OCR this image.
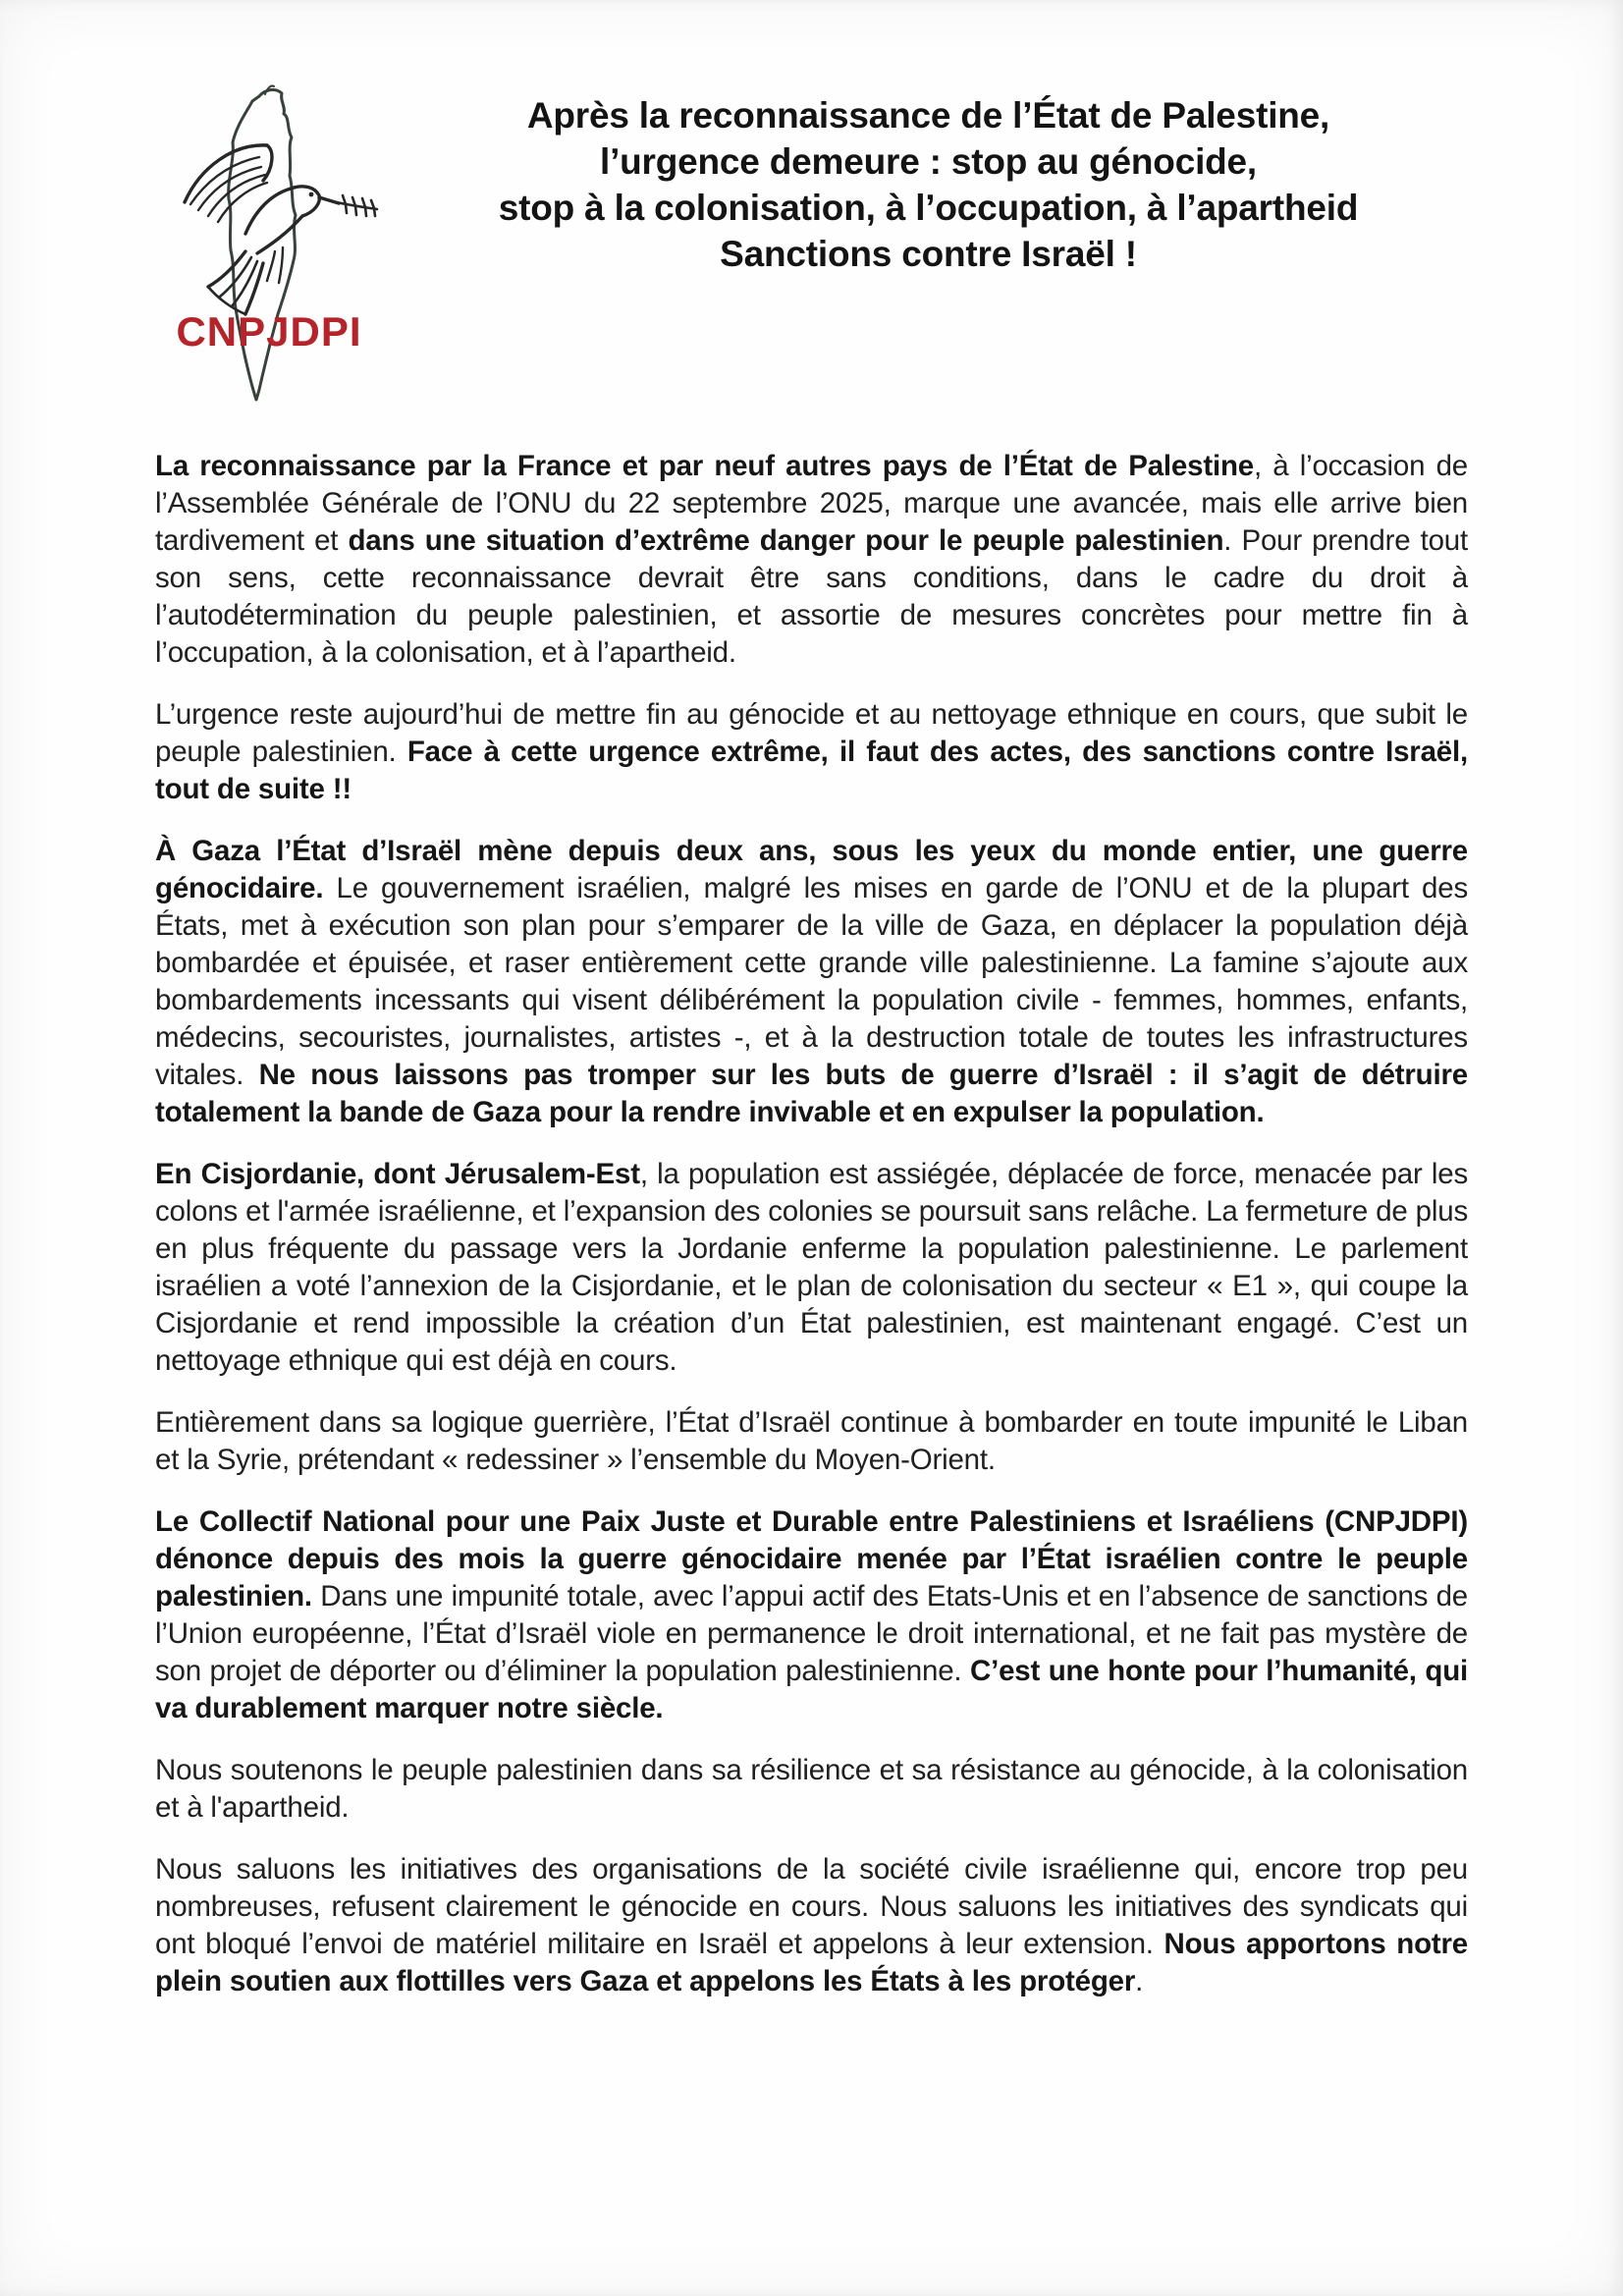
CNPJDPI
Après la reconnaissance de l’État de Palestine,
l’urgence demeure : stop au génocide,
stop à la colonisation, à l’occupation, à l’apartheid
Sanctions contre Israël !

La reconnaissance par la France et par neuf autres pays de l’État de Palestine, à l’occasion de l’Assemblée Générale de l’ONU du 22 septembre 2025, marque une avancée, mais elle arrive bien tardivement et dans une situation d’extrême danger pour le peuple palestinien. Pour prendre tout son sens, cette reconnaissance devrait être sans conditions, dans le cadre du droit à l’autodétermination du peuple palestinien, et assortie de mesures concrètes pour mettre fin à l’occupation, à la colonisation, et à l’apartheid.

L’urgence reste aujourd’hui de mettre fin au génocide et au nettoyage ethnique en cours, que subit le peuple palestinien. Face à cette urgence extrême, il faut des actes, des sanctions contre Israël, tout de suite !!

À Gaza l’État d’Israël mène depuis deux ans, sous les yeux du monde entier, une guerre génocidaire. Le gouvernement israélien, malgré les mises en garde de l’ONU et de la plupart des États, met à exécution son plan pour s’emparer de la ville de Gaza, en déplacer la population déjà bombardée et épuisée, et raser entièrement cette grande ville palestinienne. La famine s’ajoute aux bombardements incessants qui visent délibérément la population civile - femmes, hommes, enfants, médecins, secouristes, journalistes, artistes -, et à la destruction totale de toutes les infrastructures vitales. Ne nous laissons pas tromper sur les buts de guerre d’Israël : il s’agit de détruire totalement la bande de Gaza pour la rendre invivable et en expulser la population.

En Cisjordanie, dont Jérusalem-Est, la population est assiégée, déplacée de force, menacée par les colons et l'armée israélienne, et l’expansion des colonies se poursuit sans relâche. La fermeture de plus en plus fréquente du passage vers la Jordanie enferme la population palestinienne. Le parlement israélien a voté l’annexion de la Cisjordanie, et le plan de colonisation du secteur « E1 », qui coupe la Cisjordanie et rend impossible la création d’un État palestinien, est maintenant engagé. C’est un nettoyage ethnique qui est déjà en cours.

Entièrement dans sa logique guerrière, l’État d’Israël continue à bombarder en toute impunité le Liban et la Syrie, prétendant « redessiner » l’ensemble du Moyen-Orient.

Le Collectif National pour une Paix Juste et Durable entre Palestiniens et Israéliens (CNPJDPI) dénonce depuis des mois la guerre génocidaire menée par l’État israélien contre le peuple palestinien. Dans une impunité totale, avec l’appui actif des Etats-Unis et en l’absence de sanctions de l’Union européenne, l’État d’Israël viole en permanence le droit international, et ne fait pas mystère de son projet de déporter ou d’éliminer la population palestinienne. C’est une honte pour l’humanité, qui va durablement marquer notre siècle.

Nous soutenons le peuple palestinien dans sa résilience et sa résistance au génocide, à la colonisation et à l'apartheid.

Nous saluons les initiatives des organisations de la société civile israélienne qui, encore trop peu nombreuses, refusent clairement le génocide en cours. Nous saluons les initiatives des syndicats qui ont bloqué l’envoi de matériel militaire en Israël et appelons à leur extension. Nous apportons notre plein soutien aux flottilles vers Gaza et appelons les États à les protéger.
